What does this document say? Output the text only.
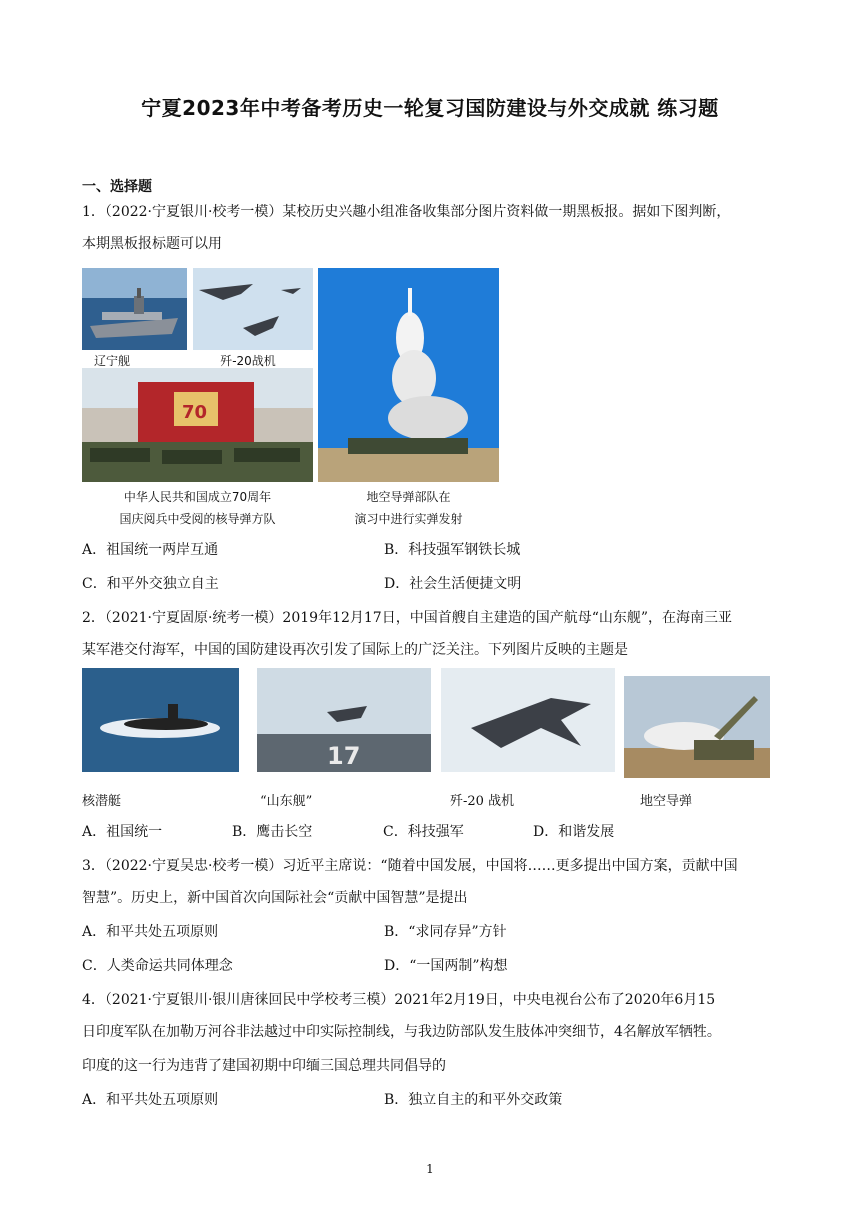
宁夏2023年中考备考历史一轮复习国防建设与外交成就 练习题
一、选择题
1．（2022·宁夏银川·校考一模）某校历史兴趣小组准备收集部分图片资料做一期黑板报。据如下图判断，
本期黑板报标题可以用
辽宁舰	歼-20战机
70
中华人民共和国成立70周年
国庆阅兵中受阅的核导弹方队
地空导弹部队在
演习中进行实弹发射
A．祖国统一两岸互通	B．科技强军钢铁长城
C．和平外交独立自主	D．社会生活便捷文明
2．（2021·宁夏固原·统考一模）2019年12月17日，中国首艘自主建造的国产航母“山东舰”，在海南三亚
某军港交付海军，中国的国防建设再次引发了国际上的广泛关注。下列图片反映的主题是
17
核潜艇	“山东舰”	歼-20 战机	地空导弹
A．祖国统一	B．鹰击长空	C．科技强军	D．和谐发展
3．（2022·宁夏吴忠·校考一模）习近平主席说：“随着中国发展，中国将……更多提出中国方案，贡献中国
智慧”。历史上，新中国首次向国际社会“贡献中国智慧”是提出
A．和平共处五项原则	B．“求同存异”方针
C．人类命运共同体理念	D．“一国两制”构想
4．（2021·宁夏银川·银川唐徕回民中学校考三模）2021年2月19日，中央电视台公布了2020年6月15
日印度军队在加勒万河谷非法越过中印实际控制线，与我边防部队发生肢体冲突细节，4名解放军牺牲。
印度的这一行为违背了建国初期中印缅三国总理共同倡导的
A．和平共处五项原则	B．独立自主的和平外交政策
1
